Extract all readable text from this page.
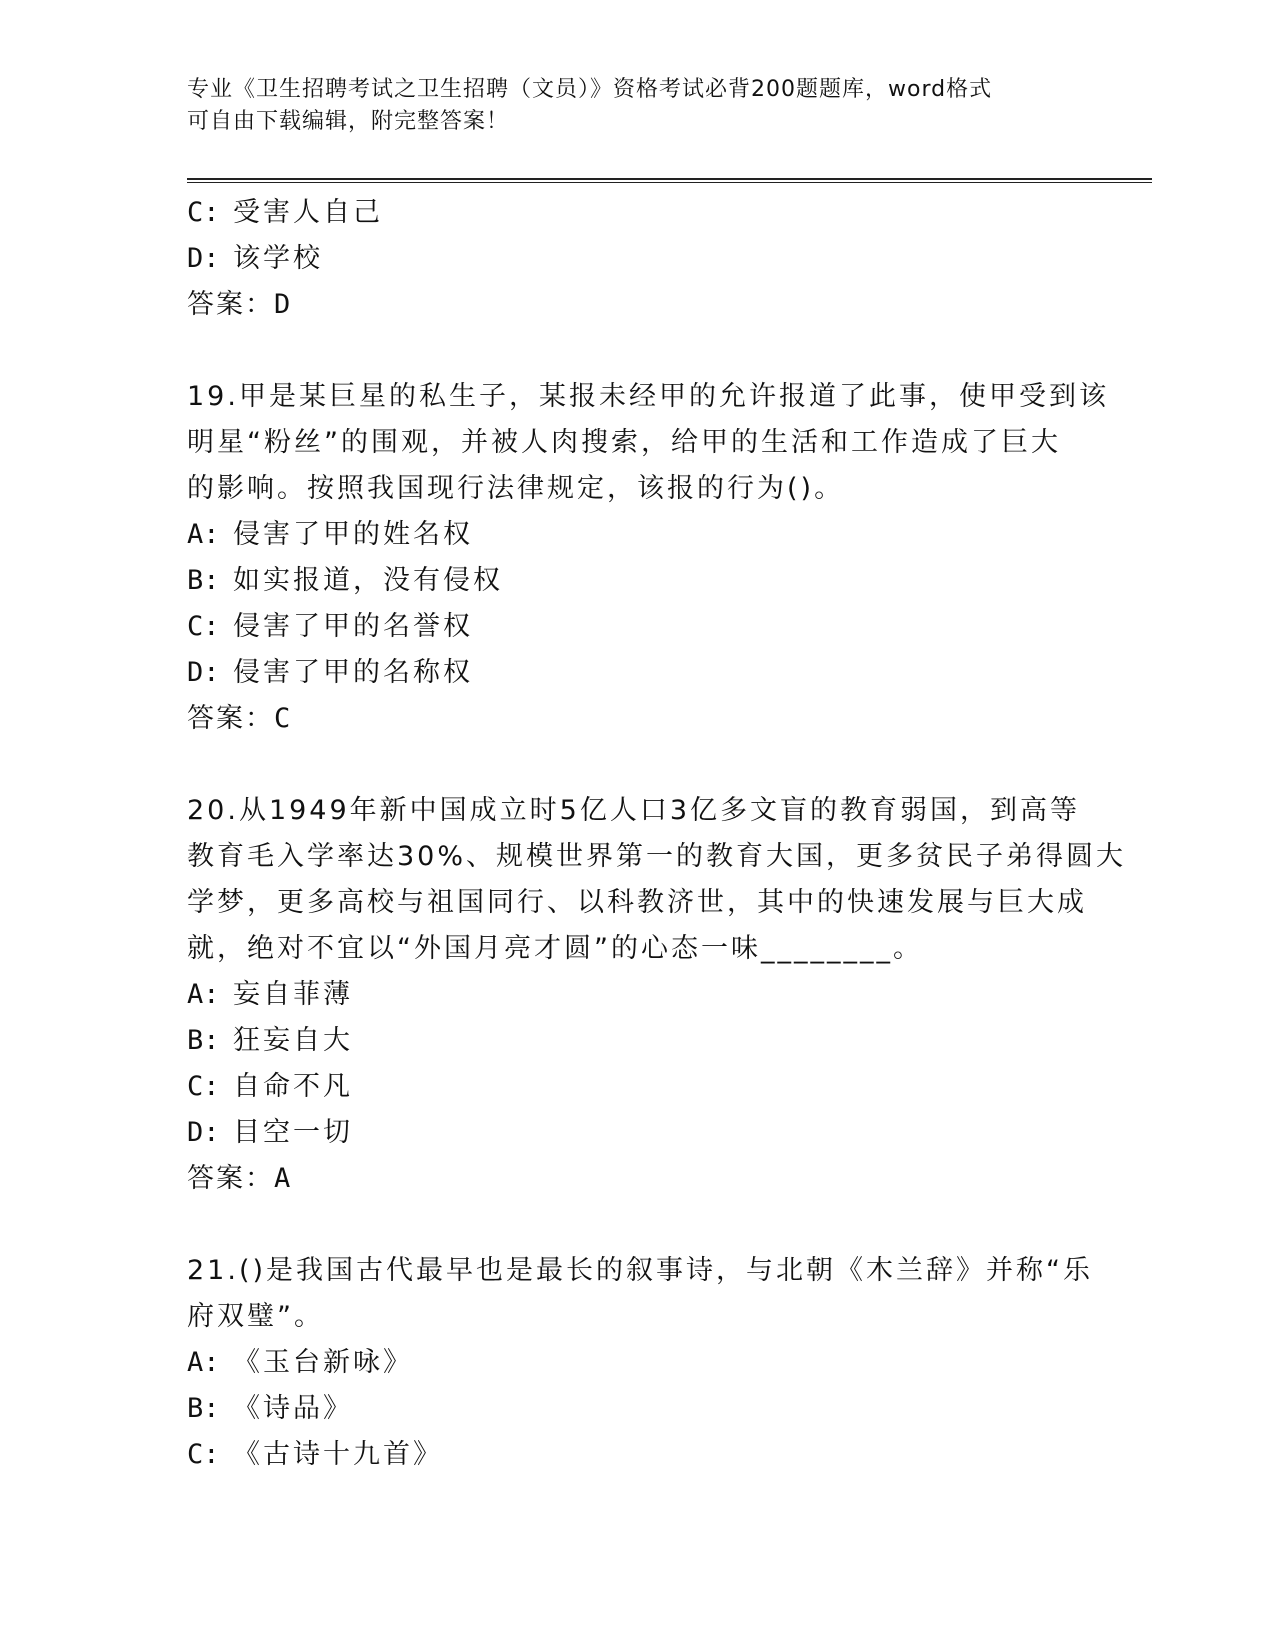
专业《卫生招聘考试之卫生招聘（文员）》资格考试必背200题题库，word格式
可自由下载编辑，附完整答案！
C: 受害人自己
D: 该学校
答案：D
19.甲是某巨星的私生子，某报未经甲的允许报道了此事，使甲受到该
明星“粉丝”的围观，并被人肉搜索，给甲的生活和工作造成了巨大
的影响。按照我国现行法律规定，该报的行为()。
A: 侵害了甲的姓名权
B: 如实报道，没有侵权
C: 侵害了甲的名誉权
D: 侵害了甲的名称权
答案：C
20.从1949年新中国成立时5亿人口3亿多文盲的教育弱国，到高等
教育毛入学率达30%、规模世界第一的教育大国，更多贫民子弟得圆大
学梦，更多高校与祖国同行、以科教济世，其中的快速发展与巨大成
就，绝对不宜以“外国月亮才圆”的心态一味________。
A: 妄自菲薄
B: 狂妄自大
C: 自命不凡
D: 目空一切
答案：A
21.()是我国古代最早也是最长的叙事诗，与北朝《木兰辞》并称“乐
府双璧”。
A: 《玉台新咏》
B: 《诗品》
C: 《古诗十九首》
